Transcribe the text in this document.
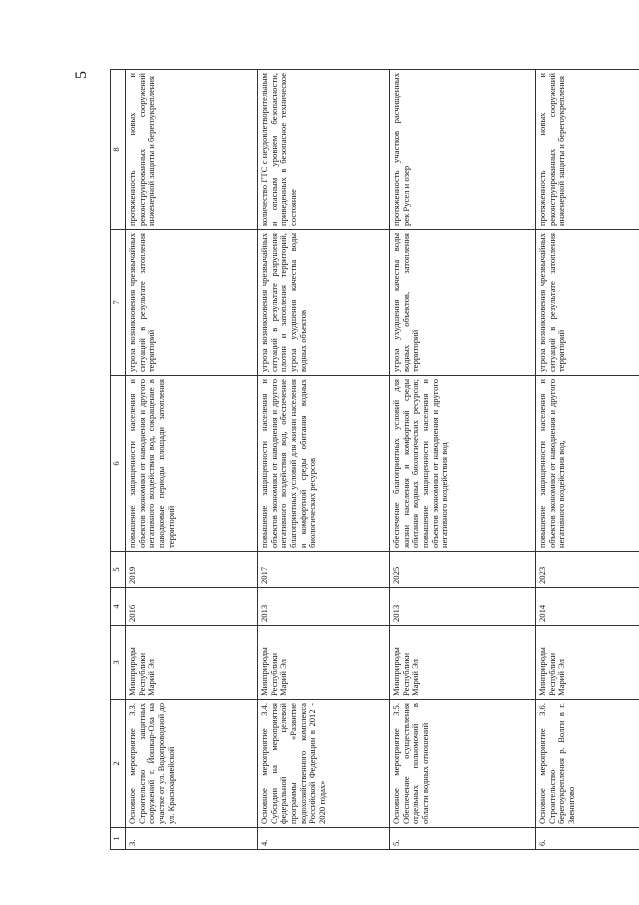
5
1	2	3	4	5	6	7	8
3.	Основное мероприятие 3.3. Строительство защитных сооружений г. Йошкар-Ола на участке от ул. Водопроводной до ул. Красноармейской	Минприроды Республики Марий Эл	2016	2019	повышение защищенности населения и объектов экономики от наводнения и другого негативного воздействия вод, сокращение в паводковые периоды площади затопления территорий	угроза возникновения чрезвычайных ситуаций в результате затопления территорий	протяженность новых и реконструированных сооружений инженерной защиты и берегоукрепления
4.	Основное мероприятие 3.4. Субсидии на мероприятия федеральной целевой программы «Развитие водохозяйственного комплекса Российской Федерации в 2012 - 2020 годах»	Минприроды Республики Марий Эл	2013	2017	повышение защищенности населения и объектов экономики от наводнения и другого негативного воздействия вод, обеспечение благоприятных условий для жизни населения и комфортной среды обитания водных биологических ресурсов	угроза возникновения чрезвычайных ситуаций в результате разрушения плотин и затопления территорий, угроза ухудшения качества воды водных объектов	количество ГТС с неудовлетворительным и опасным уровнем безопасности, приведенных в безопасное техническое состояние
5.	Основное мероприятие 3.5. Обеспечение осуществления отдельных полномочий в области водных отношений	Минприроды Республики Марий Эл	2013	2025	обеспечение благоприятных условий для жизни населения и комфортной среды обитания водных биологических ресурсов; повышение защищенности населения и объектов экономики от наводнения и другого негативного воздействия вод	угроза ухудшения качества воды водных объектов, затопления территорий	протяженность участков расчищенных рек Русел и озер
6.	Основное мероприятие 3.6. Строительство берегоукрепления р. Волги в г. Звенигово	Минприроды Республики Марий Эл	2014	2023	повышение защищенности населения и объектов экономики от наводнения и другого негативного воздействия вод,	угроза возникновения чрезвычайных ситуаций в результате затопления территорий	протяженность новых и реконструированных сооружений инженерной защиты и берегоукрепления
